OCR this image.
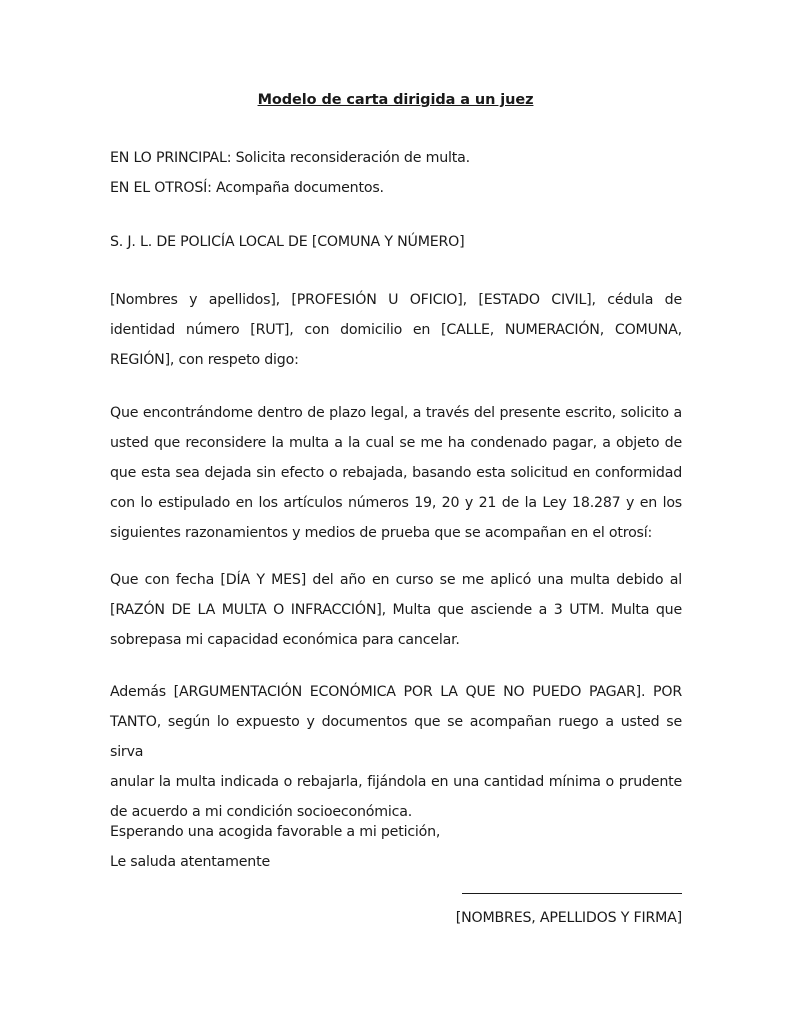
Modelo de carta dirigida a un juez
EN LO PRINCIPAL: Solicita reconsideración de multa.
EN EL OTROSÍ: Acompaña documentos.
S. J. L. DE POLICÍA LOCAL DE [COMUNA Y NÚMERO]
[Nombres y apellidos], [PROFESIÓN U OFICIO], [ESTADO CIVIL], cédula de
identidad número [RUT], con domicilio en [CALLE, NUMERACIÓN, COMUNA,
REGIÓN], con respeto digo:
Que encontrándome dentro de plazo legal, a través del presente escrito, solicito a
usted que reconsidere la multa a la cual se me ha condenado pagar, a objeto de
que esta sea dejada sin efecto o rebajada, basando esta solicitud en conformidad
con lo estipulado en los artículos números 19, 20 y 21 de la Ley 18.287 y en los
siguientes razonamientos y medios de prueba que se acompañan en el otrosí:
Que con fecha [DÍA Y MES] del año en curso se me aplicó una multa debido al
[RAZÓN DE LA MULTA O INFRACCIÓN], Multa que asciende a 3 UTM. Multa que
sobrepasa mi capacidad económica para cancelar.
Además [ARGUMENTACIÓN ECONÓMICA POR LA QUE NO PUEDO PAGAR]. POR
TANTO, según lo expuesto y documentos que se acompañan ruego a usted se sirva
anular la multa indicada o rebajarla, fijándola en una cantidad mínima o prudente
de acuerdo a mi condición socioeconómica.
Esperando una acogida favorable a mi petición,
Le saluda atentamente
[NOMBRES, APELLIDOS Y FIRMA]
